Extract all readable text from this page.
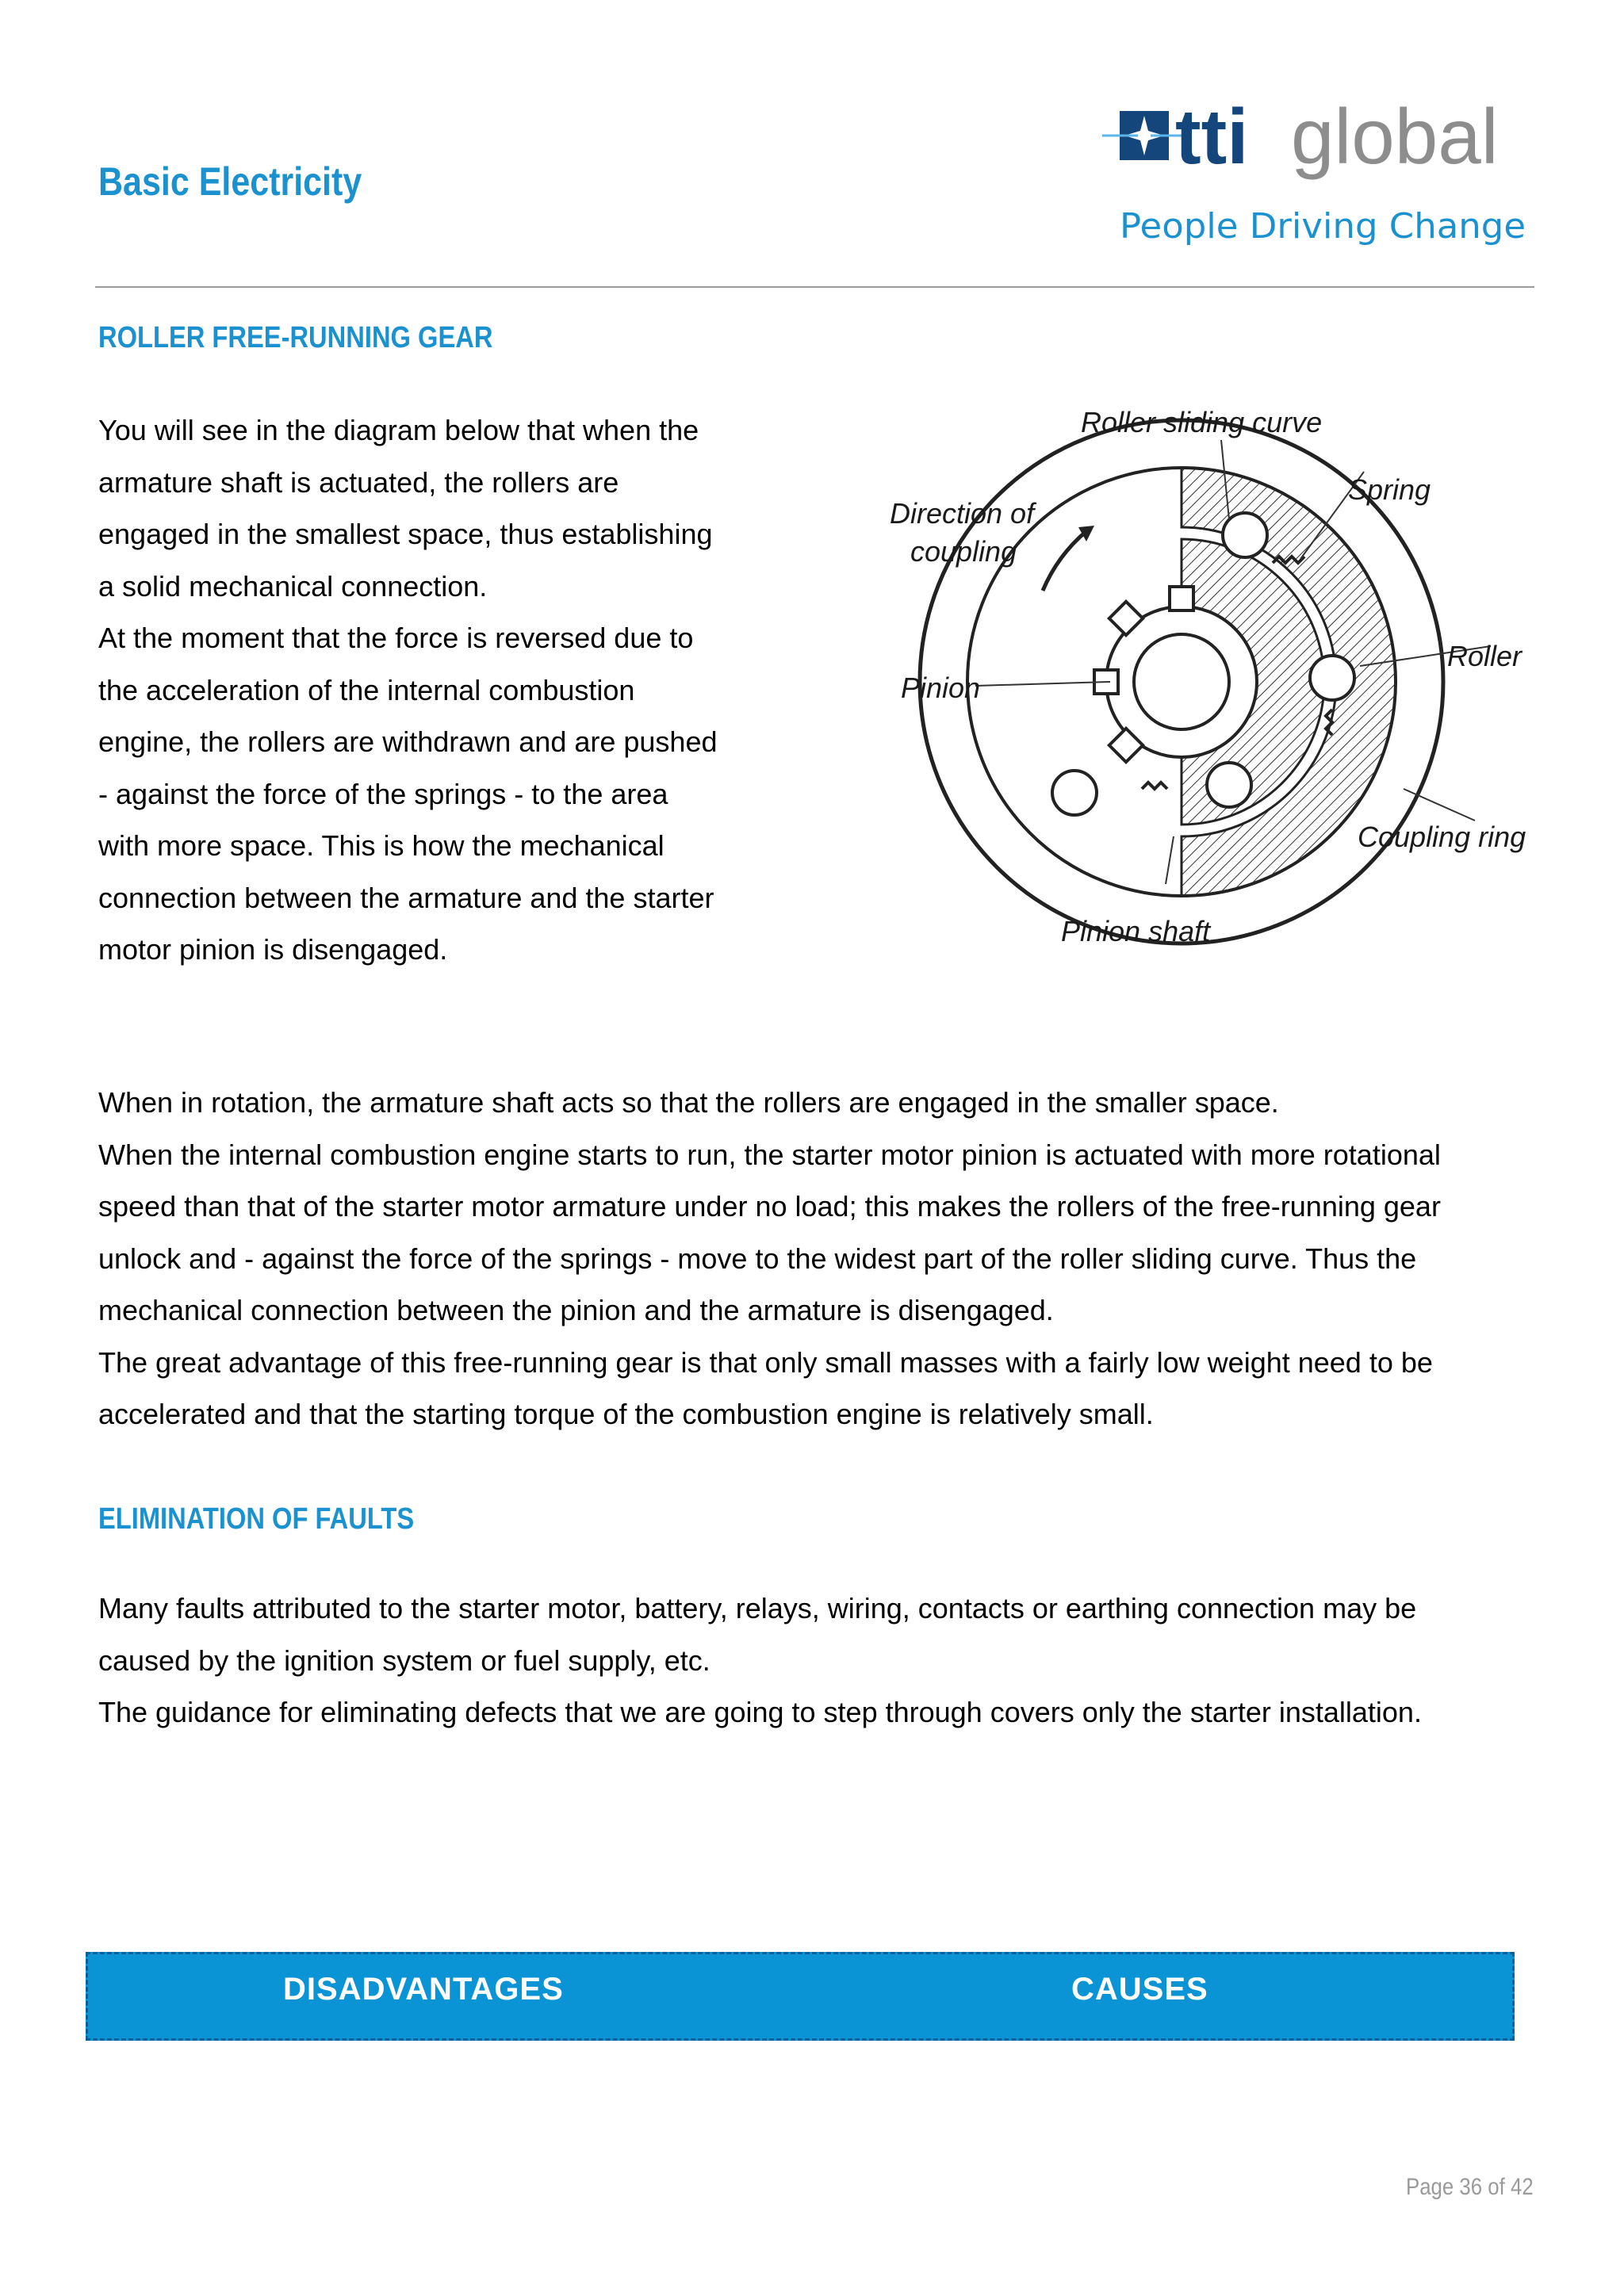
Basic Electricity
tti global
People Driving Change
ROLLER FREE-RUNNING GEAR
You will see in the diagram below that when the
armature shaft is actuated, the rollers are
engaged in the smallest space, thus establishing
a solid mechanical connection.
At the moment that the force is reversed due to
the acceleration of the internal combustion
engine, the rollers are withdrawn and are pushed
- against the force of the springs - to the area
with more space. This is how the mechanical
connection between the armature and the starter
motor pinion is disengaged.
Roller sliding curve
Spring
Direction of
coupling
Roller
Pinion
Coupling ring
Pinion shaft
When in rotation, the armature shaft acts so that the rollers are engaged in the smaller space.
When the internal combustion engine starts to run, the starter motor pinion is actuated with more rotational
speed than that of the starter motor armature under no load; this makes the rollers of the free-running gear
unlock and - against the force of the springs - move to the widest part of the roller sliding curve. Thus the
mechanical connection between the pinion and the armature is disengaged.
The great advantage of this free-running gear is that only small masses with a fairly low weight need to be
accelerated and that the starting torque of the combustion engine is relatively small.
ELIMINATION OF FAULTS
Many faults attributed to the starter motor, battery, relays, wiring, contacts or earthing connection may be
caused by the ignition system or fuel supply, etc.
The guidance for eliminating defects that we are going to step through covers only the starter installation.
DISADVANTAGES	CAUSES
Page 36 of 42
